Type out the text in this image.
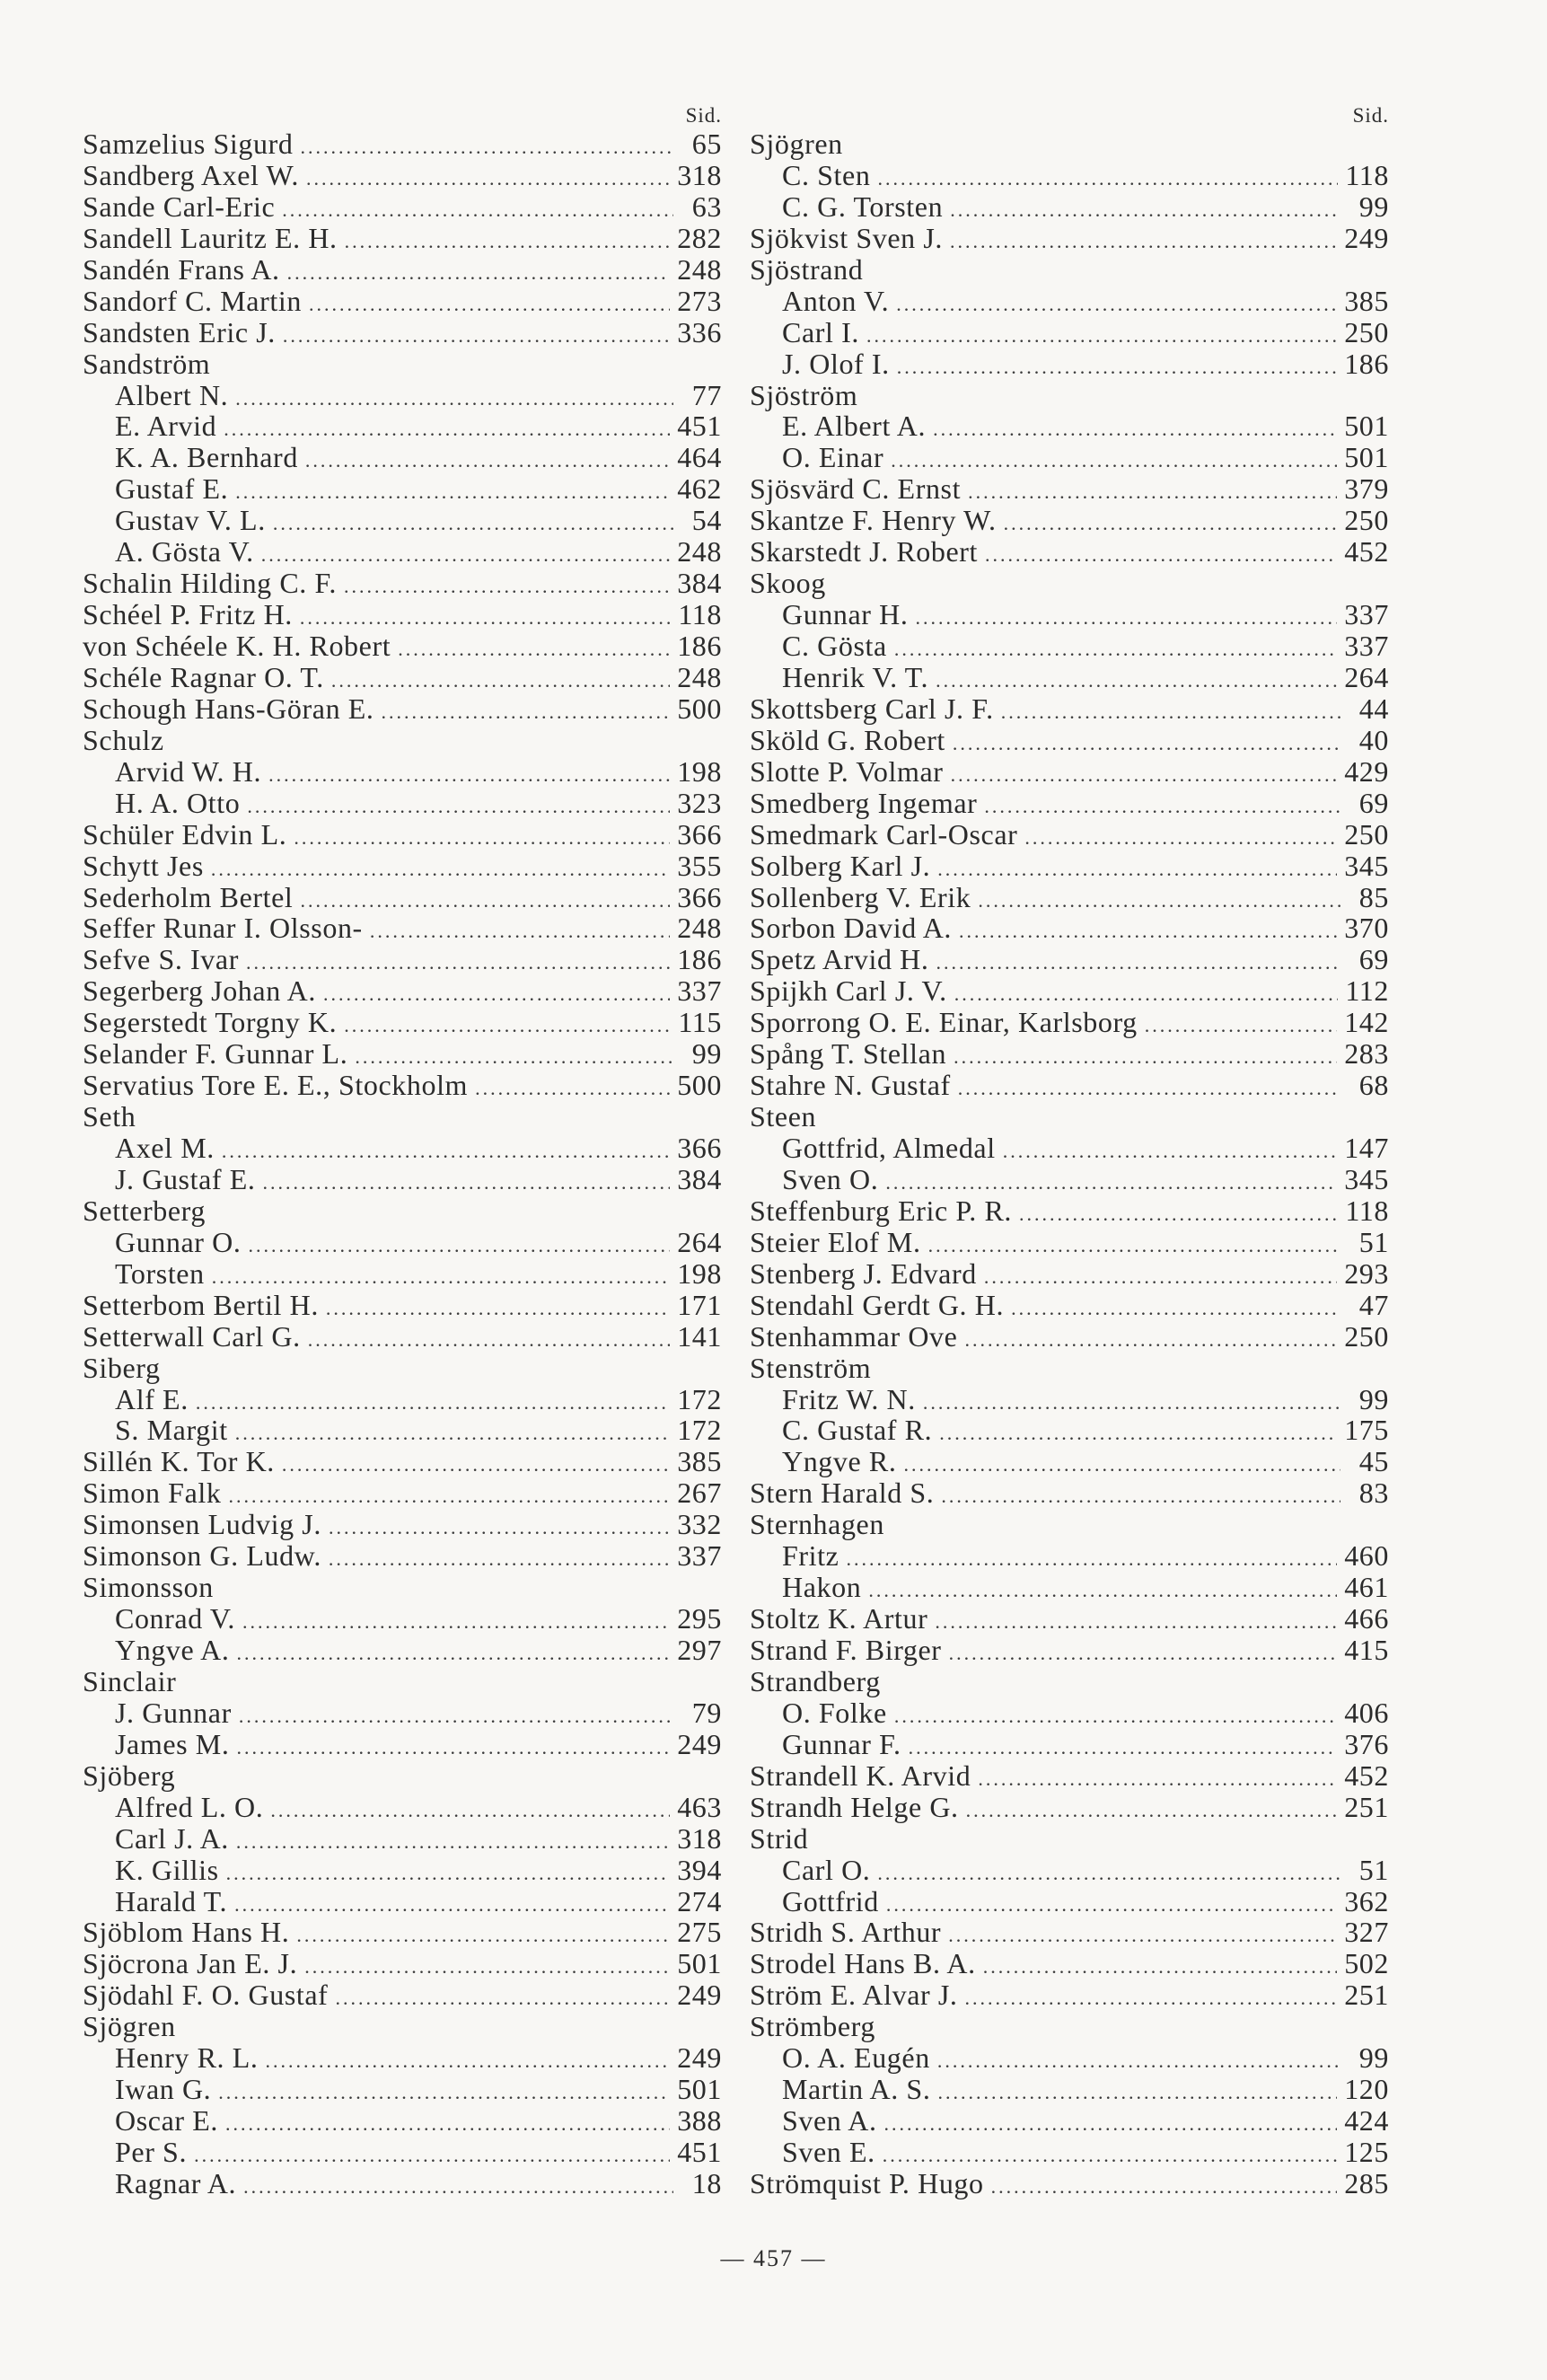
Sid.
Samzelius Sigurd .....	65
Sandberg Axel W. .....	318
Sande Carl-Eric .....	63
Sandell Lauritz E. H. .....	282
Sandén Frans A. .....	248
Sandorf C. Martin .....	273
Sandsten Eric J. .....	336
Sandström
Albert N. .....	77
E. Arvid .....	451
K. A. Bernhard .....	464
Gustaf E. .....	462
Gustav V. L. .....	54
A. Gösta V. .....	248
Schalin Hilding C. F. .....	384
Schéel P. Fritz H. .....	118
von Schéele K. H. Robert .....	186
Schéle Ragnar O. T. .....	248
Schough Hans-Göran E. .....	500
Schulz
Arvid W. H. .....	198
H. A. Otto .....	323
Schüler Edvin L. .....	366
Schytt Jes .....	355
Sederholm Bertel .....	366
Seffer Runar I. Olsson- .....	248
Sefve S. Ivar .....	186
Segerberg Johan A. .....	337
Segerstedt Torgny K. .....	115
Selander F. Gunnar L. .....	99
Servatius Tore E. E., Stockholm .....	500
Seth
Axel M. .....	366
J. Gustaf E. .....	384
Setterberg
Gunnar O. .....	264
Torsten .....	198
Setterbom Bertil H. .....	171
Setterwall Carl G. .....	141
Siberg
Alf E. .....	172
S. Margit .....	172
Sillén K. Tor K. .....	385
Simon Falk .....	267
Simonsen Ludvig J. .....	332
Simonson G. Ludw. .....	337
Simonsson
Conrad V. .....	295
Yngve A. .....	297
Sinclair
J. Gunnar .....	79
James M. .....	249
Sjöberg
Alfred L. O. .....	463
Carl J. A. .....	318
K. Gillis .....	394
Harald T. .....	274
Sjöblom Hans H. .....	275
Sjöcrona Jan E. J. .....	501
Sjödahl F. O. Gustaf .....	249
Sjögren
Henry R. L. .....	249
Iwan G. .....	501
Oscar E. .....	388
Per S. .....	451
Ragnar A. .....	18
Sid.
Sjögren
C. Sten .....	118
C. G. Torsten .....	99
Sjökvist Sven J. .....	249
Sjöstrand
Anton V. .....	385
Carl I. .....	250
J. Olof I. .....	186
Sjöström
E. Albert A. .....	501
O. Einar .....	501
Sjösvärd C. Ernst .....	379
Skantze F. Henry W. .....	250
Skarstedt J. Robert .....	452
Skoog
Gunnar H. .....	337
C. Gösta .....	337
Henrik V. T. .....	264
Skottsberg Carl J. F. .....	44
Sköld G. Robert .....	40
Slotte P. Volmar .....	429
Smedberg Ingemar .....	69
Smedmark Carl-Oscar .....	250
Solberg Karl J. .....	345
Sollenberg V. Erik .....	85
Sorbon David A. .....	370
Spetz Arvid H. .....	69
Spijkh Carl J. V. .....	112
Sporrong O. E. Einar, Karlsborg .....	142
Spång T. Stellan .....	283
Stahre N. Gustaf .....	68
Steen
Gottfrid, Almedal .....	147
Sven O. .....	345
Steffenburg Eric P. R. .....	118
Steier Elof M. .....	51
Stenberg J. Edvard .....	293
Stendahl Gerdt G. H. .....	47
Stenhammar Ove .....	250
Stenström
Fritz W. N. .....	99
C. Gustaf R. .....	175
Yngve R. .....	45
Stern Harald S. .....	83
Sternhagen
Fritz .....	460
Hakon .....	461
Stoltz K. Artur .....	466
Strand F. Birger .....	415
Strandberg
O. Folke .....	406
Gunnar F. .....	376
Strandell K. Arvid .....	452
Strandh Helge G. .....	251
Strid
Carl O. .....	51
Gottfrid .....	362
Stridh S. Arthur .....	327
Strodel Hans B. A. .....	502
Ström E. Alvar J. .....	251
Strömberg
O. A. Eugén .....	99
Martin A. S. .....	120
Sven A. .....	424
Sven E. .....	125
Strömquist P. Hugo .....	285
— 457 —
